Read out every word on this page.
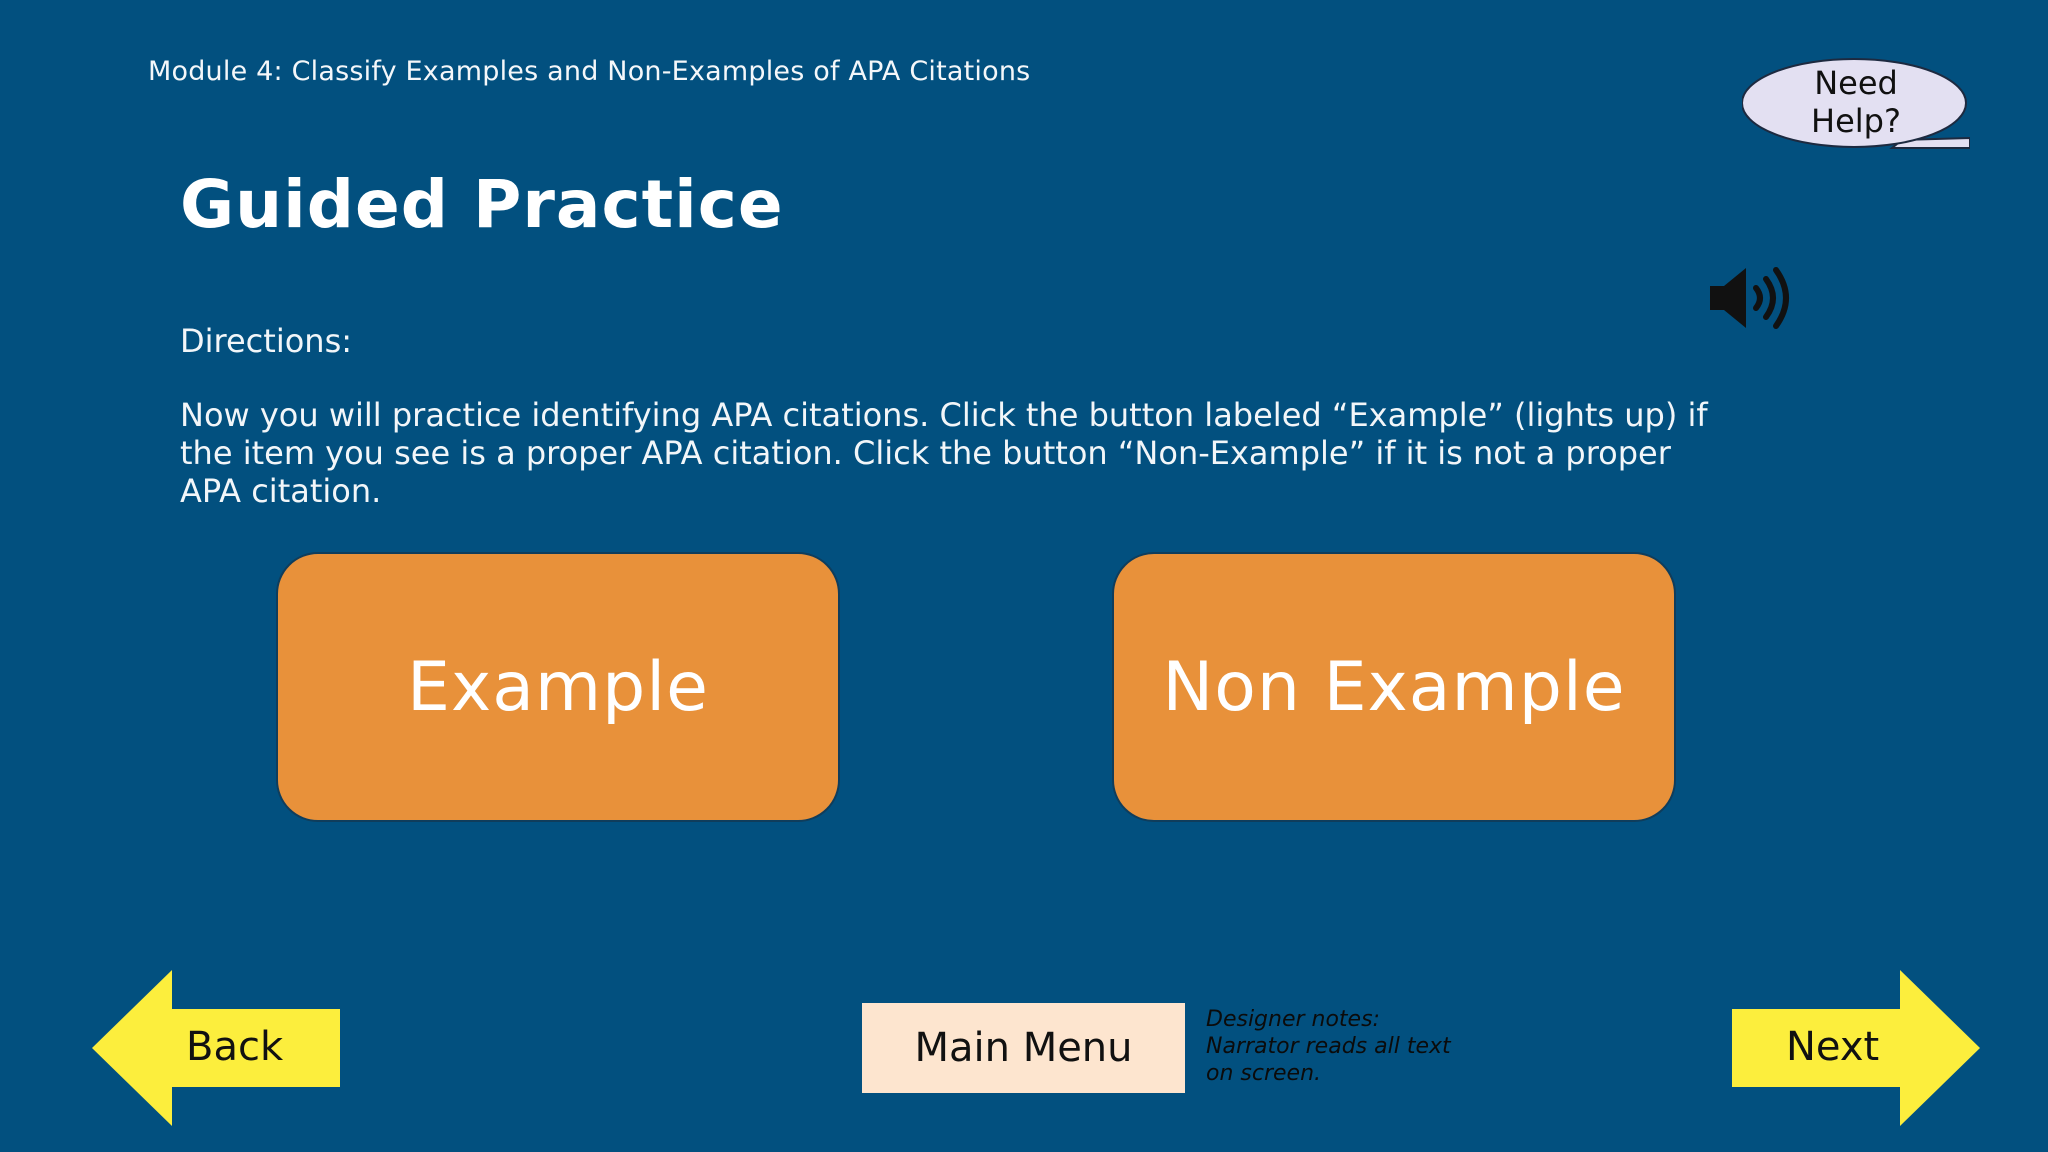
Module 4: Classify Examples and Non-Examples of APA Citations
Guided Practice
Need
Help?
Directions:
Now you will practice identifying APA citations. Click the button labeled “Example” (lights up) if the item you see is a proper APA citation. Click the button “Non-Example” if it is not a proper APA citation.
Example	Non Example
Back	Main Menu
Designer notes:
Narrator reads all text
on screen.
Next
